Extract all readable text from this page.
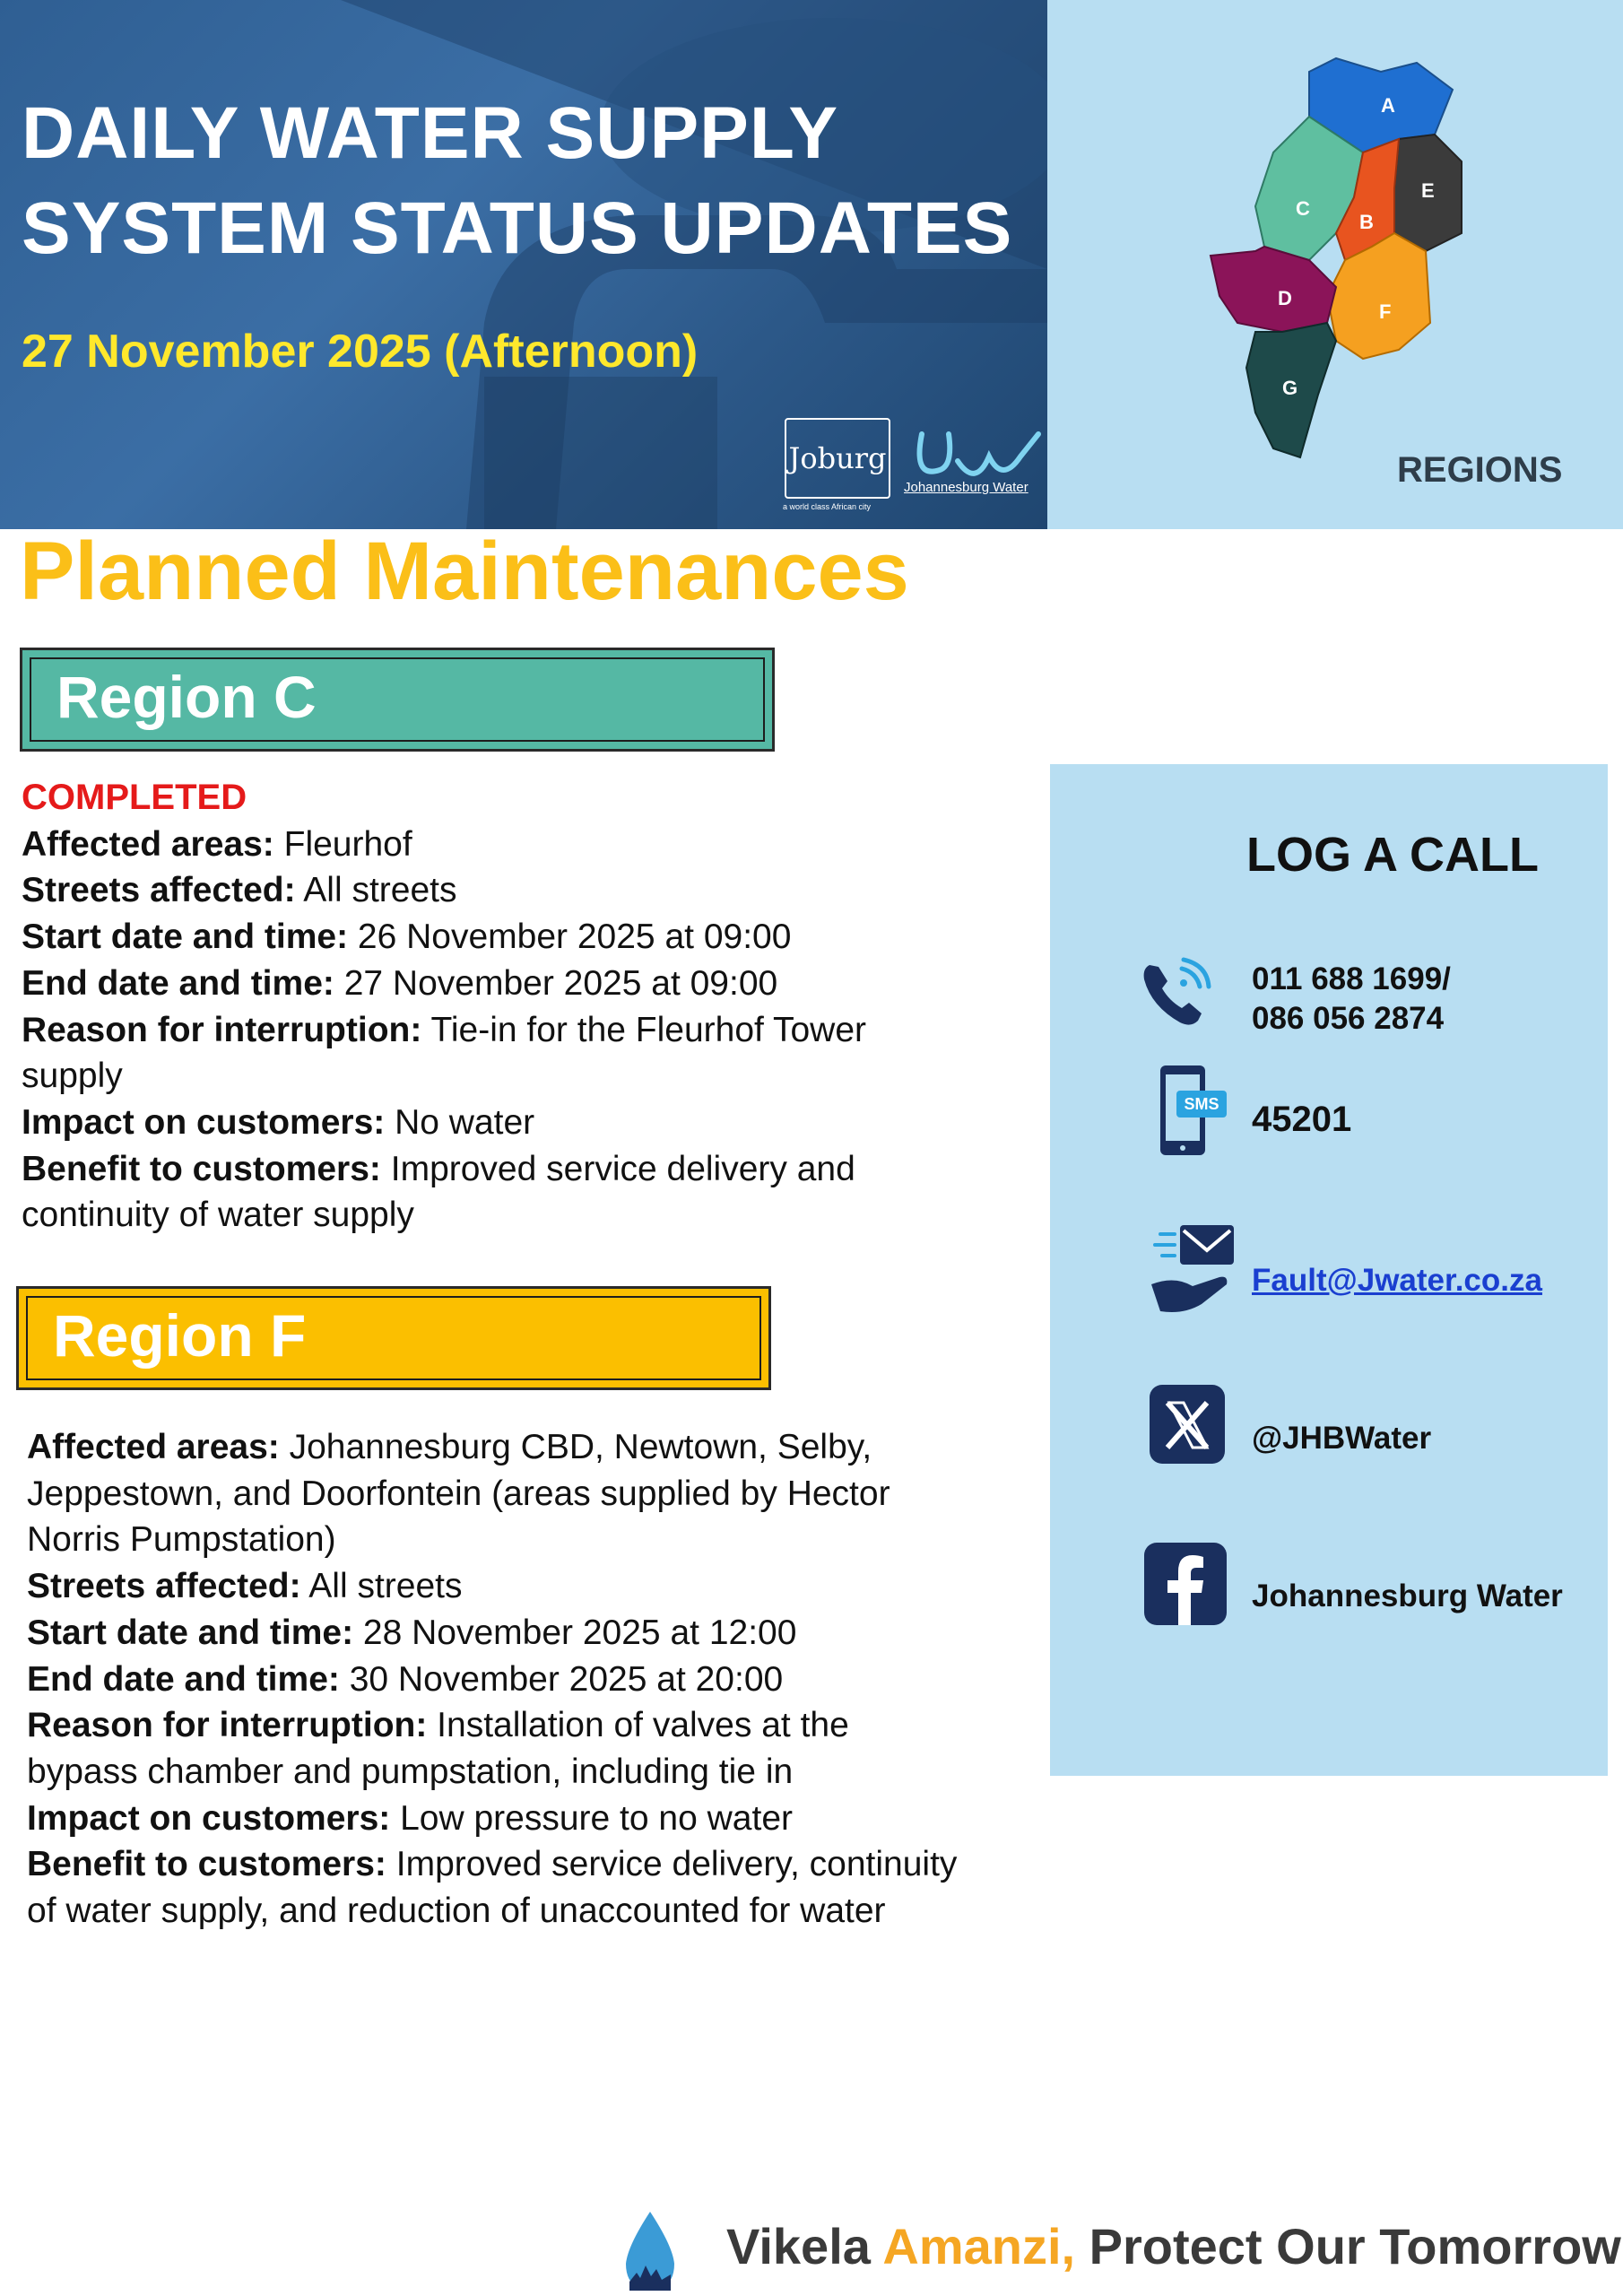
DAILY WATER SUPPLY
SYSTEM STATUS UPDATES
27 November 2025 (Afternoon)
Joburg
a world class African city
Johannesburg Water
A
B
C
D
E
F
G
REGIONS
Planned Maintenances
Region C

COMPLETED

Affected areas: Fleurhof

Streets affected: All streets

Start date and time: 26 November 2025 at 09:00

End date and time: 27 November 2025 at 09:00

Reason for interruption: Tie-in for the Fleurhof Tower supply

Impact on customers: No water

Benefit to customers: Improved service delivery and continuity of water supply

Region F

Affected areas: Johannesburg CBD, Newtown, Selby, Jeppestown, and Doorfontein (areas supplied by Hector Norris Pumpstation)

Streets affected: All streets

Start date and time: 28 November 2025 at 12:00

End date and time: 30 November 2025 at 20:00

Reason for interruption: Installation of valves at the bypass chamber and pumpstation, including tie in

Impact on customers: Low pressure to no water

Benefit to customers: Improved service delivery, continuity of water supply, and reduction of unaccounted for water

LOG A CALL
011 688 1699/
086 056 2874
SMS 45201
Fault@Jwater.co.za
@JHBWater
Johannesburg Water
Vikela Amanzi, Protect Our Tomorrow
